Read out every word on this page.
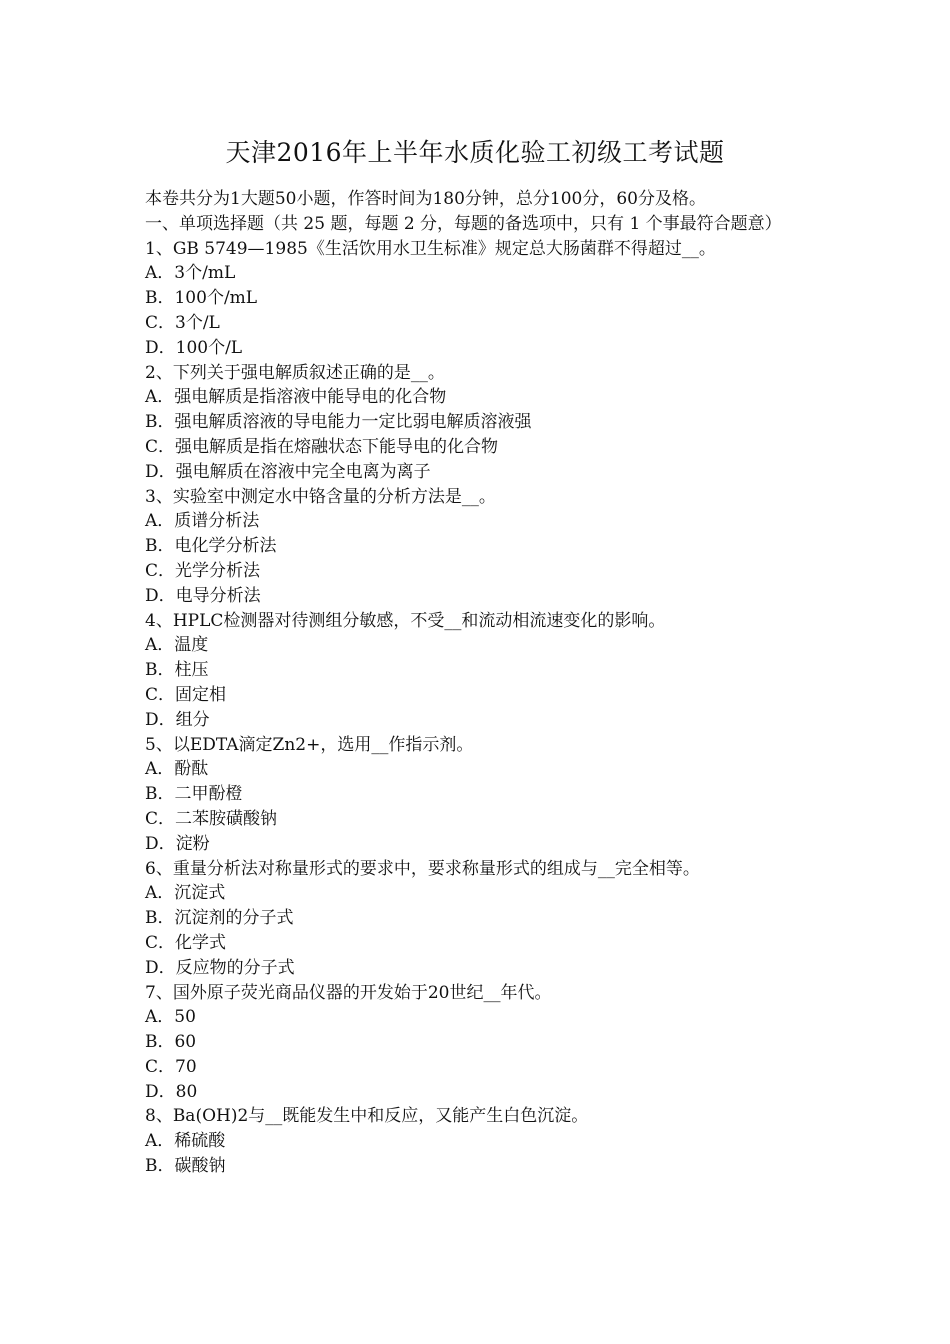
天津2016年上半年水质化验工初级工考试题
本卷共分为1大题50小题，作答时间为180分钟，总分100分，60分及格。
一、单项选择题（共 25 题，每题 2 分，每题的备选项中，只有 1 个事最符合题意）
1、GB 5749—1985《生活饮用水卫生标准》规定总大肠菌群不得超过__。
A．3个/mL
B．100个/mL
C．3个/L
D．100个/L
2、下列关于强电解质叙述正确的是__。
A．强电解质是指溶液中能导电的化合物
B．强电解质溶液的导电能力一定比弱电解质溶液强
C．强电解质是指在熔融状态下能导电的化合物
D．强电解质在溶液中完全电离为离子
3、实验室中测定水中铬含量的分析方法是__。
A．质谱分析法
B．电化学分析法
C．光学分析法
D．电导分析法
4、HPLC检测器对待测组分敏感，不受__和流动相流速变化的影响。
A．温度
B．柱压
C．固定相
D．组分
5、以EDTA滴定Zn2+，选用__作指示剂。
A．酚酞
B．二甲酚橙
C．二苯胺磺酸钠
D．淀粉
6、重量分析法对称量形式的要求中，要求称量形式的组成与__完全相等。
A．沉淀式
B．沉淀剂的分子式
C．化学式
D．反应物的分子式
7、国外原子荧光商品仪器的开发始于20世纪__年代。
A．50
B．60
C．70
D．80
8、Ba(OH)2与__既能发生中和反应，又能产生白色沉淀。
A．稀硫酸
B．碳酸钠
